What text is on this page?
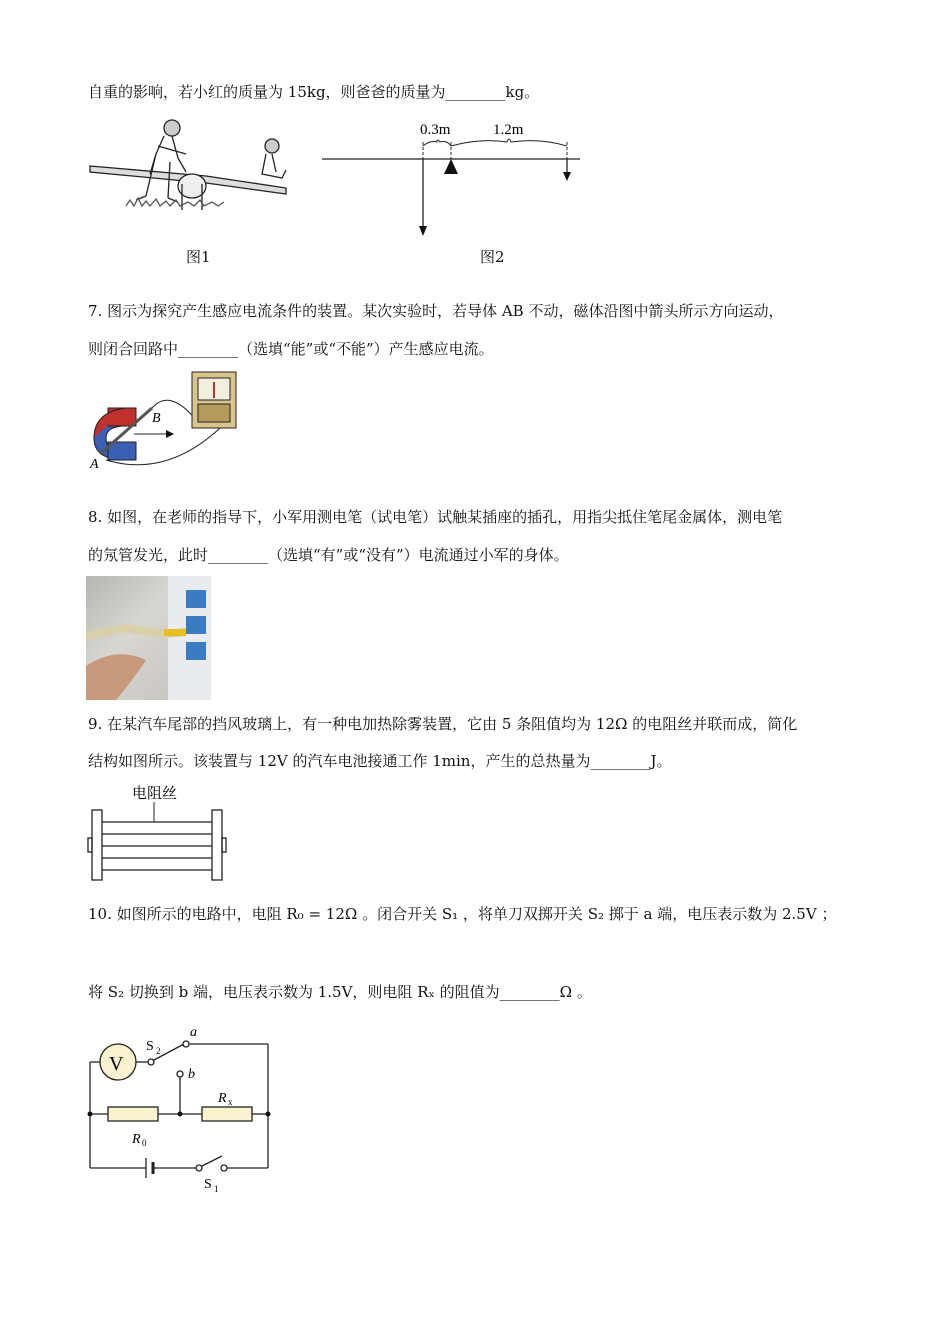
自重的影响，若小红的质量为 15kg，则爸爸的质量为________kg。
图1
0.3m	1.2m
图2
7. 图示为探究产生感应电流条件的装置。某次实验时，若导体 AB 不动，磁体沿图中箭头所示方向运动，
则闭合回路中________（选填“能”或“不能”）产生感应电流。
A
B
8. 如图，在老师的指导下，小军用测电笔（试电笔）试触某插座的插孔，用指尖抵住笔尾金属体，测电笔
的氖管发光，此时________（选填“有”或“没有”）电流通过小军的身体。
9. 在某汽车尾部的挡风玻璃上，有一种电加热除雾装置，它由 5 条阻值均为 12Ω 的电阻丝并联而成，简化
结构如图所示。该装置与 12V 的汽车电池接通工作 1min，产生的总热量为________J。
电阻丝
10. 如图所示的电路中，电阻 R₀ = 12Ω 。闭合开关 S₁ ，将单刀双掷开关 S₂ 掷于 a 端，电压表示数为 2.5V ；
将 S₂ 切换到 b 端，电压表示数为 1.5V，则电阻 Rₓ 的阻值为________Ω 。
V
S 2
a
b
R x
R 0
S 1
